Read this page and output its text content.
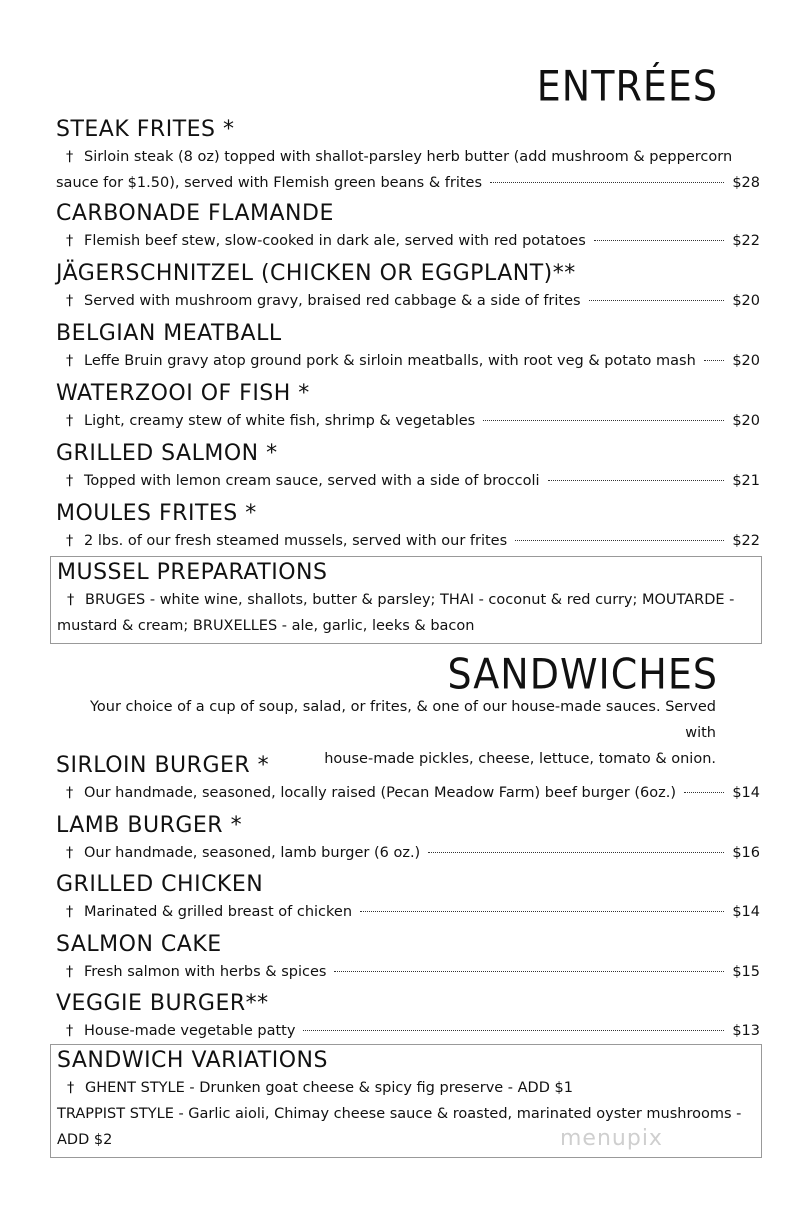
ENTRÉES
STEAK FRITES *
† Sirloin steak (8 oz) topped with shallot-parsley herb butter (add mushroom & peppercorn
sauce for $1.50), served with Flemish green beans & frites	$28
CARBONADE FLAMANDE
† Flemish beef stew, slow-cooked in dark ale, served with red potatoes	$22
JÄGERSCHNITZEL (CHICKEN OR EGGPLANT)**
† Served with mushroom gravy, braised red cabbage & a side of frites	$20
BELGIAN MEATBALL
† Leffe Bruin gravy atop ground pork & sirloin meatballs, with root veg & potato mash	$20
WATERZOOI OF FISH *
† Light, creamy stew of white fish, shrimp & vegetables	$20
GRILLED SALMON *
† Topped with lemon cream sauce, served with a side of broccoli	$21
MOULES FRITES *
† 2 lbs. of our fresh steamed mussels, served with our frites	$22
MUSSEL PREPARATIONS
† BRUGES - white wine, shallots, butter & parsley; THAI - coconut & red curry; MOUTARDE -
mustard & cream; BRUXELLES - ale, garlic, leeks & bacon
SANDWICHES
Your choice of a cup of soup, salad, or frites, & one of our house-made sauces. Served with
house-made pickles, cheese, lettuce, tomato & onion.
SIRLOIN BURGER *
† Our handmade, seasoned, locally raised (Pecan Meadow Farm) beef burger (6oz.)	$14
LAMB BURGER *
† Our handmade, seasoned, lamb burger (6 oz.)	$16
GRILLED CHICKEN
† Marinated & grilled breast of chicken	$14
SALMON CAKE
† Fresh salmon with herbs & spices	$15
VEGGIE BURGER**
† House-made vegetable patty	$13
SANDWICH VARIATIONS
† GHENT STYLE - Drunken goat cheese & spicy fig preserve - ADD $1
TRAPPIST STYLE - Garlic aioli, Chimay cheese sauce & roasted, marinated oyster mushrooms -
ADD $2	menupix
